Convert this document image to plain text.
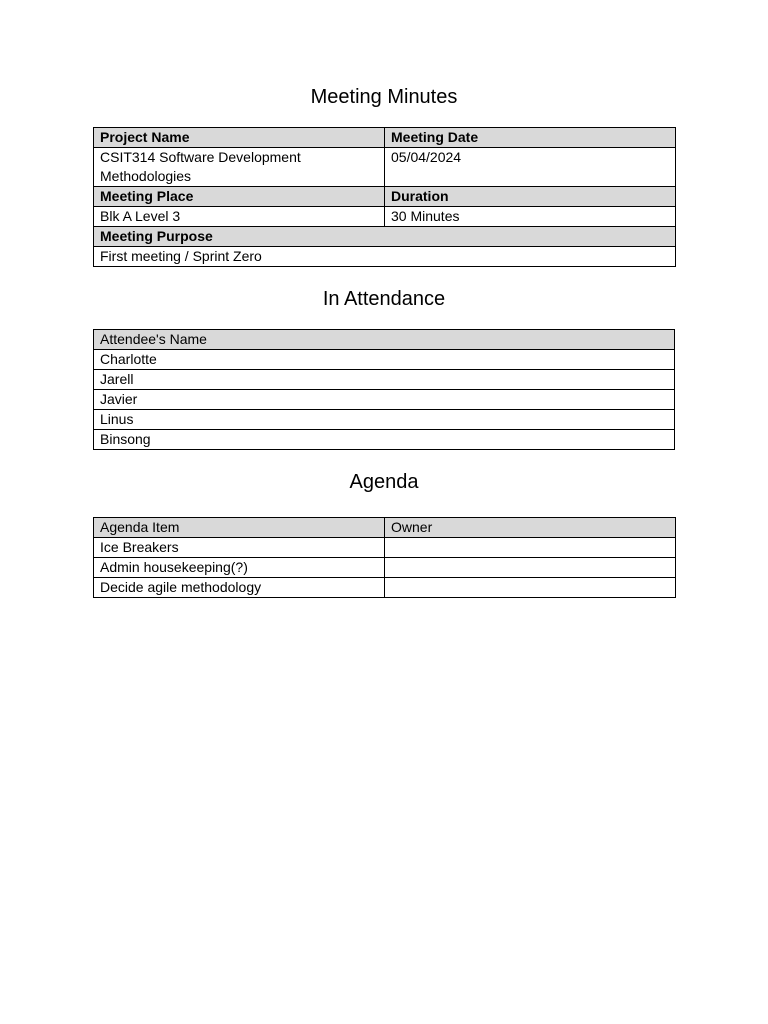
Meeting Minutes
Project Name	Meeting Date
CSIT314 Software Development
Methodologies	05/04/2024
Meeting Place	Duration
Blk A Level 3	30 Minutes
Meeting Purpose	
First meeting / Sprint Zero	
In Attendance
Attendee's Name
Charlotte
Jarell
Javier
Linus
Binsong
Agenda
Agenda Item	Owner
Ice Breakers	
Admin housekeeping(?)	
Decide agile methodology	
